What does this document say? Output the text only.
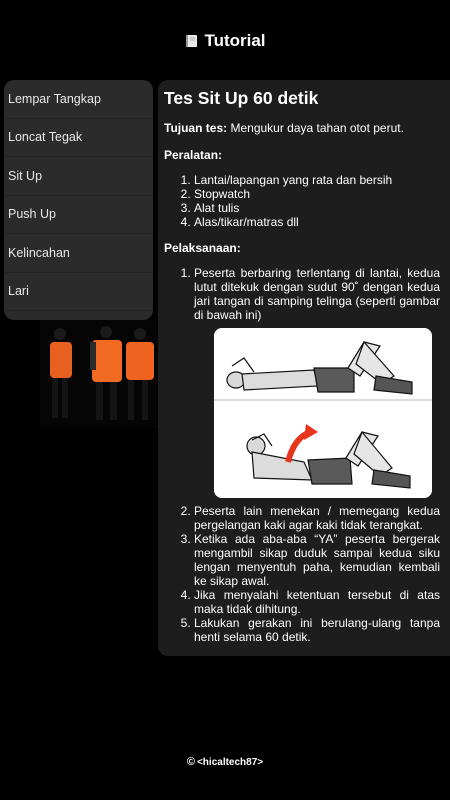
Tutorial
Lempar Tangkap
Loncat Tegak
Sit Up
Push Up
Kelincahan
Lari
Tes Sit Up 60 detik

Tujuan tes: Mengukur daya tahan otot perut.

Peralatan:

1. Lantai/lapangan yang rata dan bersih
2. Stopwatch
3. Alat tulis
4. Alas/tikar/matras dll

Pelaksanaan:

1. Peserta berbaring terlentang di lantai, kedua lutut ditekuk dengan sudut 90˚ dengan kedua jari tangan di samping telinga (seperti gambar di bawah ini)
2. Peserta lain menekan / memegang kedua pergelangan kaki agar kaki tidak terangkat.
3. Ketika ada aba-aba “YA” peserta bergerak mengambil sikap duduk sampai kedua siku lengan menyentuh paha, kemudian kembali ke sikap awal.
4. Jika menyalahi ketentuan tersebut di atas maka tidak dihitung.
5. Lakukan gerakan ini berulang-ulang tanpa henti selama 60 detik.
© <hicaltech87>
